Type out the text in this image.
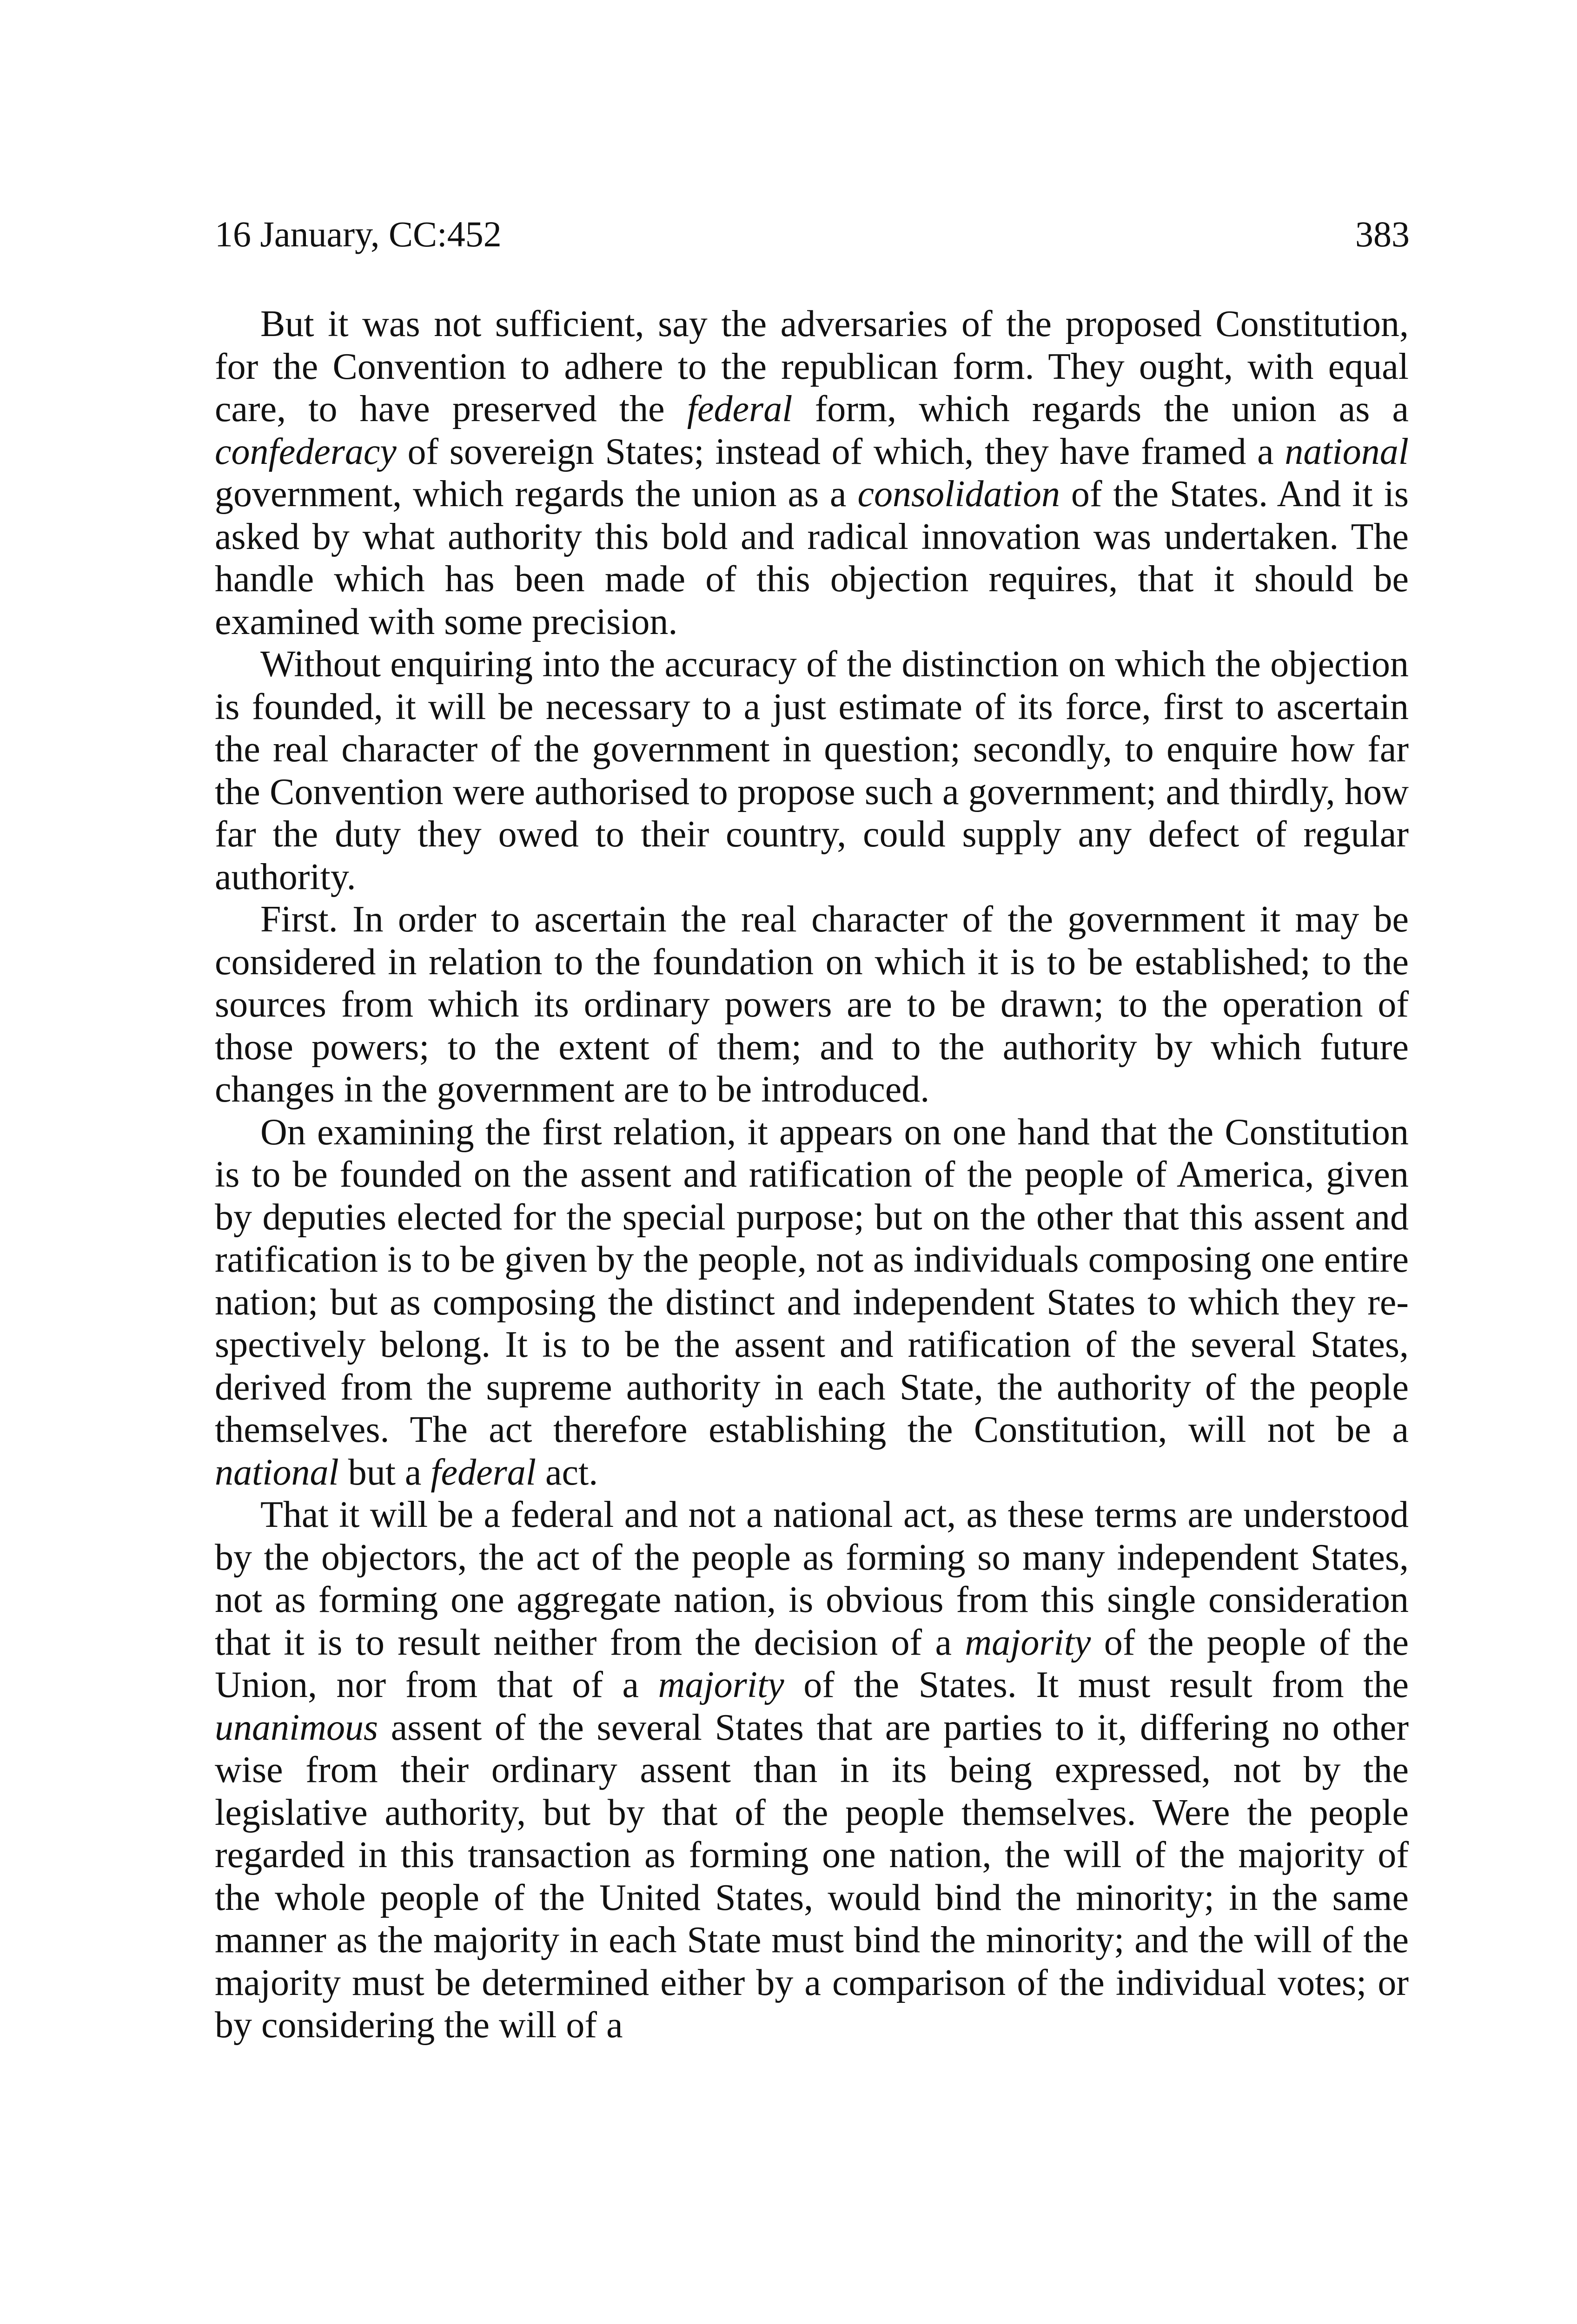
16 January, CC:452	383

But it was not sufficient, say the adversaries of the proposed Constitution, for the Convention to adhere to the republican form. They ought, with equal care, to have preserved the federal form, which regards the union as a confederacy of sovereign States; instead of which, they have framed a national government, which regards the union as a consolidation of the States. And it is asked by what authority this bold and radical innovation was undertaken. The handle which has been made of this objection requires, that it should be examined with some precision.

Without enquiring into the accuracy of the distinction on which the objection is founded, it will be necessary to a just estimate of its force, first to ascertain the real character of the government in question; secondly, to enquire how far the Convention were authorised to propose such a government; and thirdly, how far the duty they owed to their country, could supply any defect of regular authority.

First. In order to ascertain the real character of the government it may be considered in relation to the foundation on which it is to be established; to the sources from which its ordinary powers are to be drawn; to the operation of those powers; to the extent of them; and to the authority by which future changes in the government are to be introduced.

On examining the first relation, it appears on one hand that the Constitution is to be founded on the assent and ratification of the people of America, given by deputies elected for the special purpose; but on the other that this assent and ratification is to be given by the people, not as individuals composing one entire nation; but as composing the distinct and independent States to which they respectively belong. It is to be the assent and ratification of the several States, derived from the supreme authority in each State, the authority of the people themselves. The act therefore establishing the Constitution, will not be a national but a federal act.

That it will be a federal and not a national act, as these terms are understood by the objectors, the act of the people as forming so many independent States, not as forming one aggregate nation, is obvious from this single consideration that it is to result neither from the decision of a majority of the people of the Union, nor from that of a majority of the States. It must result from the unanimous assent of the several States that are parties to it, differing no other wise from their ordinary assent than in its being expressed, not by the legislative authority, but by that of the people themselves. Were the people regarded in this transaction as forming one nation, the will of the majority of the whole people of the United States, would bind the minority; in the same manner as the majority in each State must bind the minority; and the will of the majority must be determined either by a comparison of the individual votes; or by considering the will of a
